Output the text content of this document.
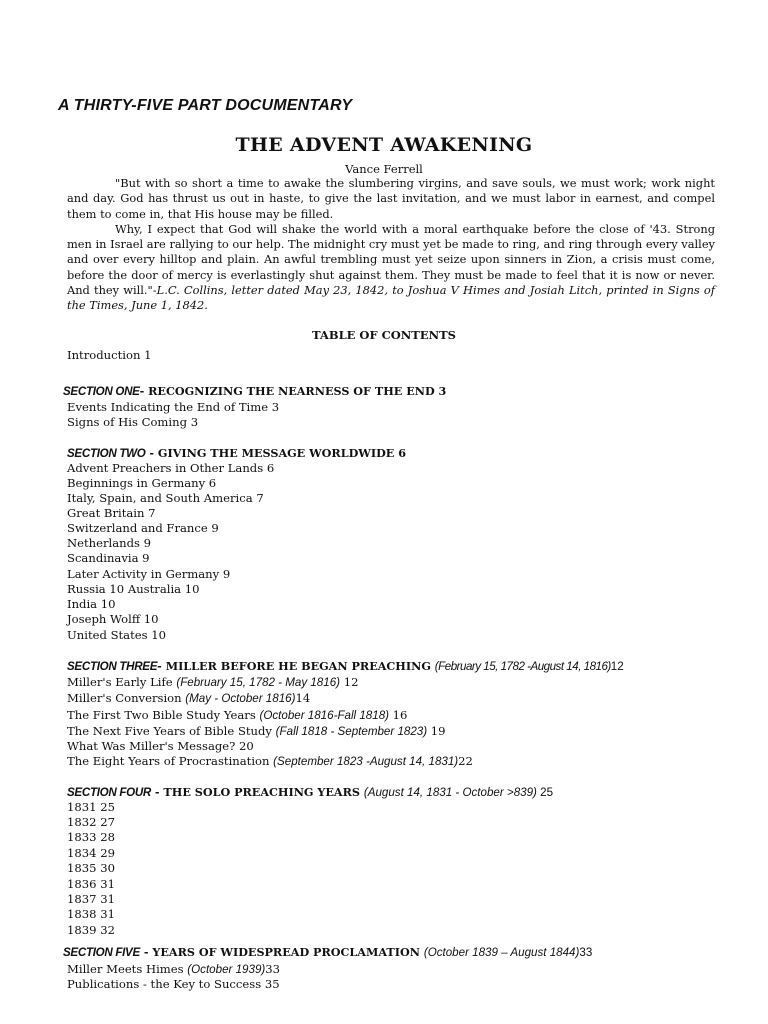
A THIRTY-FIVE PART DOCUMENTARY
THE ADVENT AWAKENING
Vance Ferrell

"But with so short a time to awake the slumbering virgins, and save souls, we must work; work night and day. God has thrust us out in haste, to give the last invitation, and we must labor in earnest, and compel them to come in, that His house may be filled.

Why, I expect that God will shake the world with a moral earthquake before the close of '43. Strong men in Israel are rallying to our help. The midnight cry must yet be made to ring, and ring through every valley and over every hilltop and plain. An awful trembling must yet seize upon sinners in Zion, a crisis must come, before the door of mercy is everlastingly shut against them. They must be made to feel that it is now or never. And they will."-L.C. Collins, letter dated May 23, 1842, to Joshua V Himes and Josiah Litch, printed in Signs of the Times, June 1, 1842.

TABLE OF CONTENTS
Introduction 1
SECTION ONE- RECOGNIZING THE NEARNESS OF THE END 3
Events Indicating the End of Time 3
Signs of His Coming 3
SECTION TWO - GIVING THE MESSAGE WORLDWIDE 6
Advent Preachers in Other Lands 6
Beginnings in Germany 6
Italy, Spain, and South America 7
Great Britain 7
Switzerland and France 9
Netherlands 9
Scandinavia 9
Later Activity in Germany 9
Russia 10 Australia 10
India 10
Joseph Wolff 10
United States 10
SECTION THREE- MILLER BEFORE HE BEGAN PREACHING (February 15, 1782 -August 14, 1816)12
Miller's Early Life (February 15, 1782 - May 1816) 12
Miller's Conversion (May - October 1816)14
The First Two Bible Study Years (October 1816-Fall 1818) 16
The Next Five Years of Bible Study (Fall 1818 - September 1823) 19
What Was Miller's Message? 20
The Eight Years of Procrastination (September 1823 -August 14, 1831)22
SECTION FOUR - THE SOLO PREACHING YEARS (August 14, 1831 - October >839) 25
1831 25
1832 27
1833 28
1834 29
1835 30
1836 31
1837 31
1838 31
1839 32
SECTION FIVE - YEARS OF WIDESPREAD PROCLAMATION (October 1839 – August 1844)33
Miller Meets Himes (October 1939)33
Publications - the Key to Success 35
